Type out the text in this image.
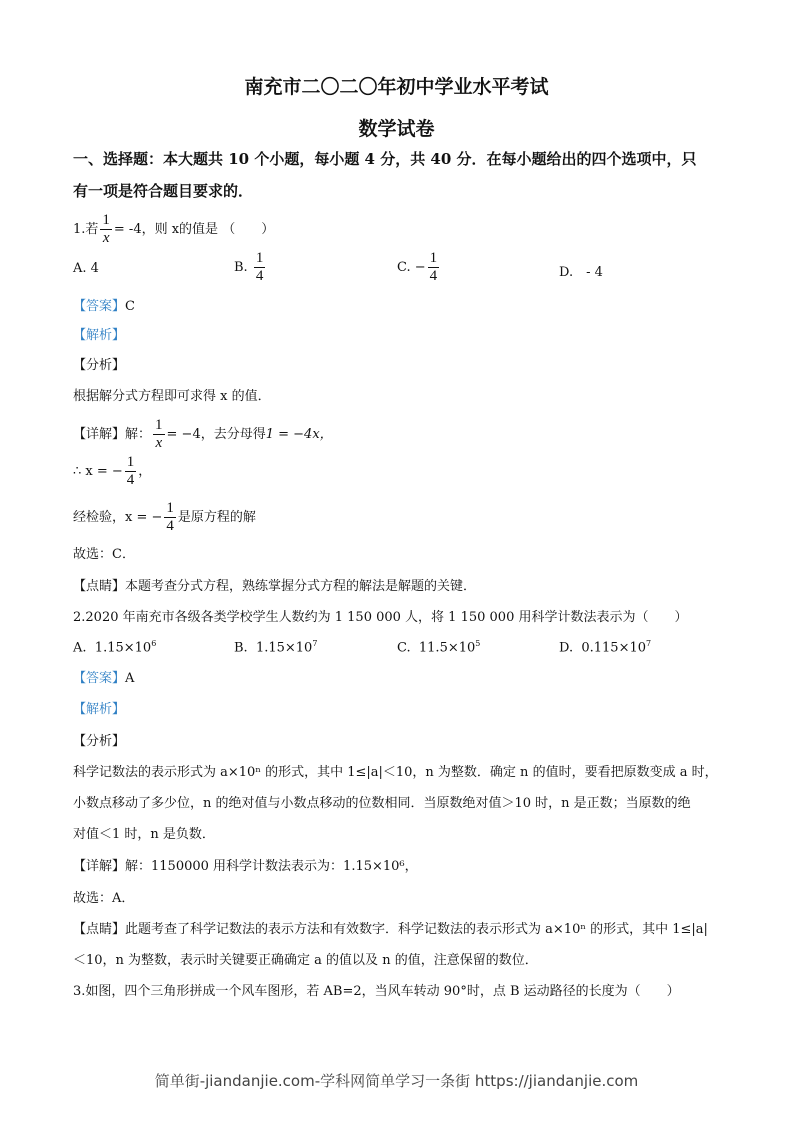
南充市二〇二〇年初中学业水平考试
数学试卷
一、选择题：本大题共 10 个小题，每小题 4 分，共 40 分．在每小题给出的四个选项中，只
有一项是符合题目要求的．
1.若 $\frac{1}{x} = -4$，则 x的值是 （　　）
A. 4	B. $\frac{1}{4}$	C. − $\frac{1}{4}$	D.　- 4
【答案】C
【解析】
【分析】
根据解分式方程即可求得 x 的值．
【详解】解： $\frac{1}{x} = -4$，去分母得1 = −4x，
∴ x = − $\frac{1}{4}$ ，
经检验，x = − $\frac{1}{4}$ 是原方程的解
故选：C．
【点睛】本题考查分式方程，熟练掌握分式方程的解法是解题的关键．
2.2020 年南充市各级各类学校学生人数约为 1 150 000 人，将 1 150 000 用科学计数法表示为（　　）
A. $1.15\times 10^6$	B. $1.15\times 10^7$	C. $11.5\times 10^5$	D. $0.115\times 10^7$
【答案】A
【解析】
【分析】
科学记数法的表示形式为 a×10ⁿ 的形式，其中 1≤|a|＜10，n 为整数．确定 n 的值时，要看把原数变成 a 时，
小数点移动了多少位，n 的绝对值与小数点移动的位数相同．当原数绝对值＞10 时，n 是正数；当原数的绝
对值＜1 时，n 是负数．
【详解】解：1150000 用科学计数法表示为：1.15×10⁶，
故选：A．
【点睛】此题考查了科学记数法的表示方法和有效数字．科学记数法的表示形式为 a×10ⁿ 的形式，其中 1≤|a|
＜10，n 为整数，表示时关键要正确确定 a 的值以及 n 的值，注意保留的数位．
3.如图，四个三角形拼成一个风车图形，若 AB=2，当风车转动 90°时，点 B 运动路径的长度为（　　）
简单街-jiandanjie.com-学科网简单学习一条街 https://jiandanjie.com
